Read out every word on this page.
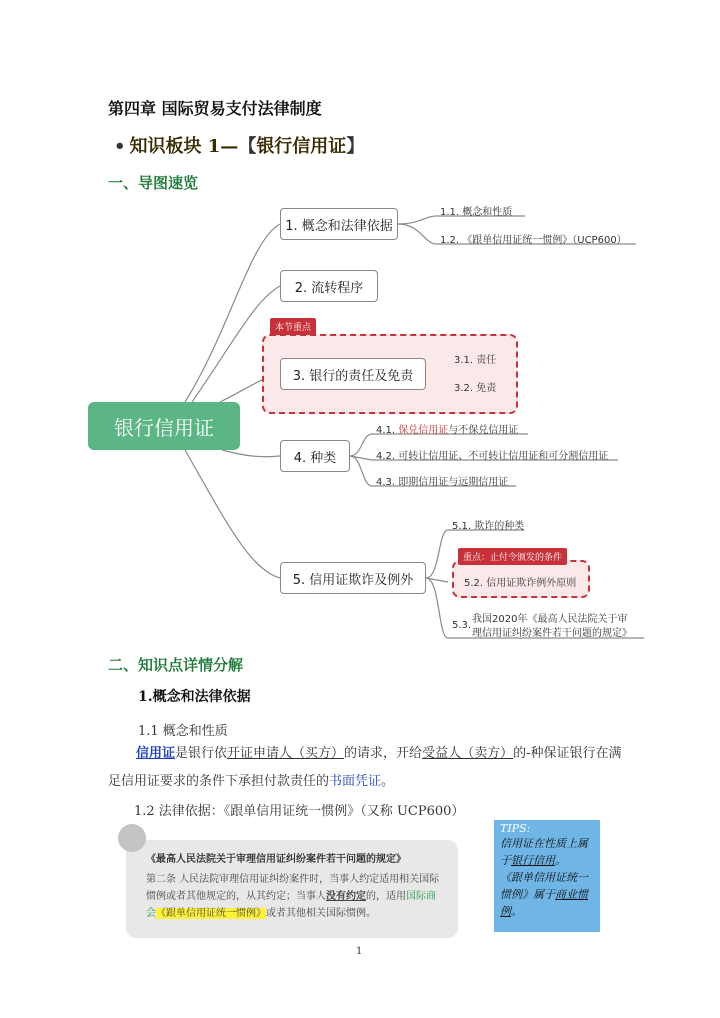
第四章 国际贸易支付法律制度
• 知识板块 1—【银行信用证】
一、导图速览
本节重点
重点：止付令颁发的条件
银行信用证
1. 概念和法律依据
2. 流转程序
3. 银行的责任及免责
4. 种类
5. 信用证欺诈及例外
1.1. 概念和性质
1.2. 《跟单信用证统一惯例》（UCP600）
3.1. 责任
3.2. 免责
4.1. 保兑信用证与不保兑信用证
4.2. 可转让信用证、不可转让信用证和可分割信用证
4.3. 即期信用证与远期信用证
5.1. 欺诈的种类
5.2. 信用证欺诈例外原则
5.3.
我国2020年《最高人民法院关于审
理信用证纠纷案件若干问题的规定》
二、知识点详情分解
1.概念和法律依据
1.1 概念和性质
信用证是银行依开证申请人（买方）的请求，开给受益人（卖方）的-种保证银行在满足信用证要求的条件下承担付款责任的书面凭证。
1.2 法律依据：《跟单信用证统一惯例》（又称 UCP600）
《最高人民法院关于审理信用证纠纷案件若干问题的规定》
第二条 人民法院审理信用证纠纷案件时，当事人约定适用相关国际惯例或者其他规定的，从其约定；当事人没有约定的，适用国际商会《跟单信用证统一惯例》或者其他相关国际惯例。
TIPS:
信用证在性质上属于银行信用。
《跟单信用证统一惯例》属于商业惯例。
1
